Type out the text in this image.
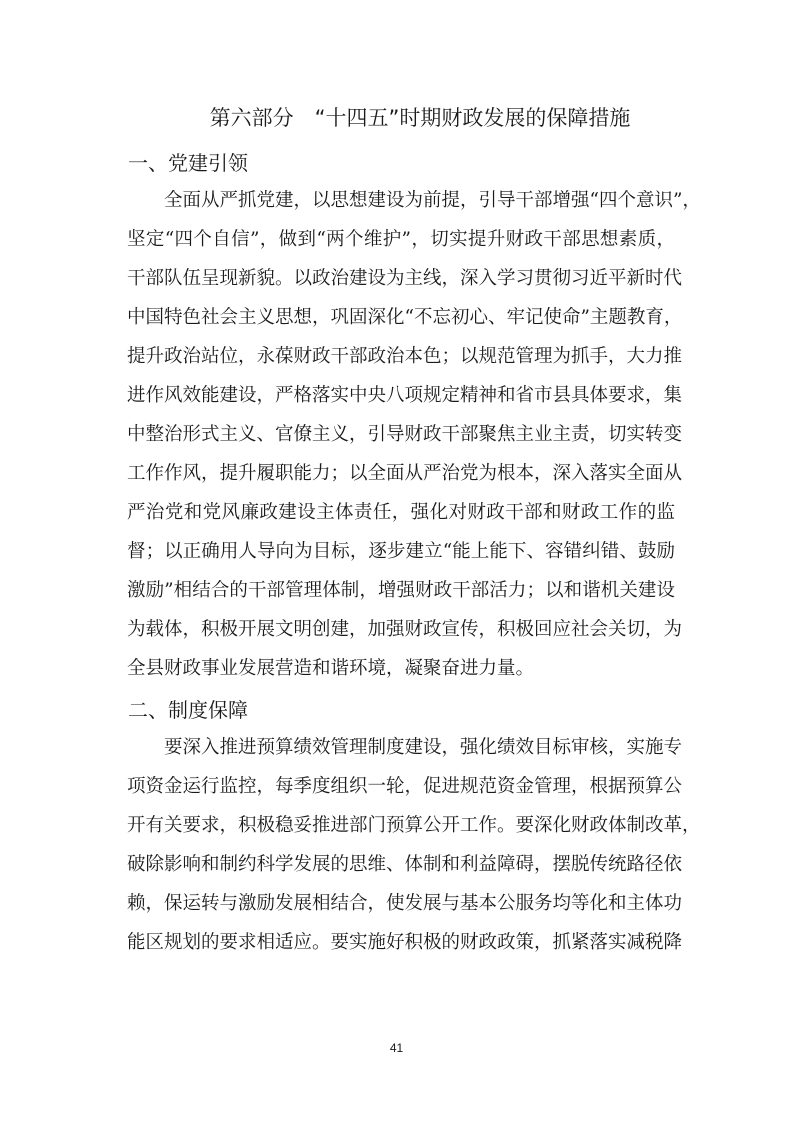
第六部分　“十四五”时期财政发展的保障措施
一、党建引领
全面从严抓党建，以思想建设为前提，引导干部增强“四个意识”，
坚定“四个自信”，做到“两个维护”，切实提升财政干部思想素质，
干部队伍呈现新貌。以政治建设为主线，深入学习贯彻习近平新时代
中国特色社会主义思想，巩固深化“不忘初心、牢记使命”主题教育，
提升政治站位，永葆财政干部政治本色；以规范管理为抓手，大力推
进作风效能建设，严格落实中央八项规定精神和省市县具体要求，集
中整治形式主义、官僚主义，引导财政干部聚焦主业主责，切实转变
工作作风，提升履职能力；以全面从严治党为根本，深入落实全面从
严治党和党风廉政建设主体责任，强化对财政干部和财政工作的监
督；以正确用人导向为目标，逐步建立“能上能下、容错纠错、鼓励
激励”相结合的干部管理体制，增强财政干部活力；以和谐机关建设
为载体，积极开展文明创建，加强财政宣传，积极回应社会关切，为
全县财政事业发展营造和谐环境，凝聚奋进力量。
二、制度保障
要深入推进预算绩效管理制度建设，强化绩效目标审核，实施专
项资金运行监控，每季度组织一轮，促进规范资金管理，根据预算公
开有关要求，积极稳妥推进部门预算公开工作。要深化财政体制改革，
破除影响和制约科学发展的思维、体制和利益障碍，摆脱传统路径依
赖，保运转与激励发展相结合，使发展与基本公服务均等化和主体功
能区规划的要求相适应。要实施好积极的财政政策，抓紧落实减税降
41
